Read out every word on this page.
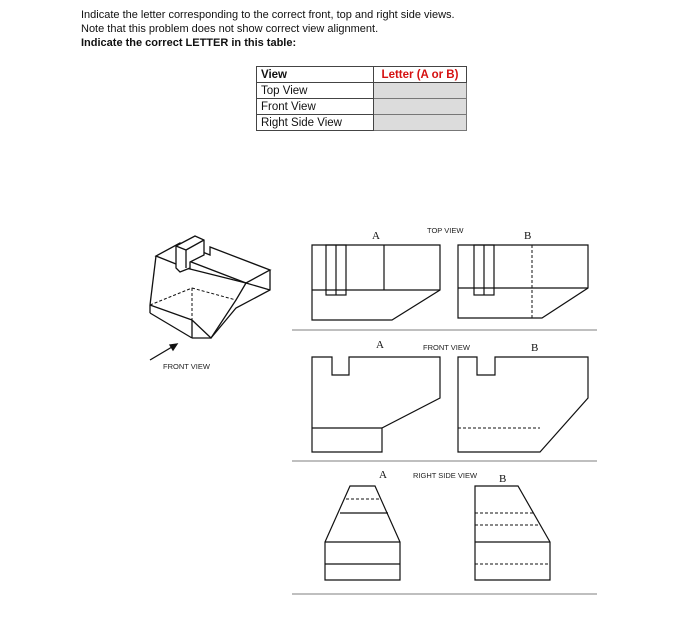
Indicate the letter corresponding to the correct front, top and right side views.
Note that this problem does not show correct view alignment.
Indicate the correct LETTER in this table:
View	Letter (A or B)
Top View	
Front View	
Right Side View	
FRONT VIEW
A	TOP VIEW	B
A	FRONT VIEW	B
A	RIGHT SIDE VIEW B
